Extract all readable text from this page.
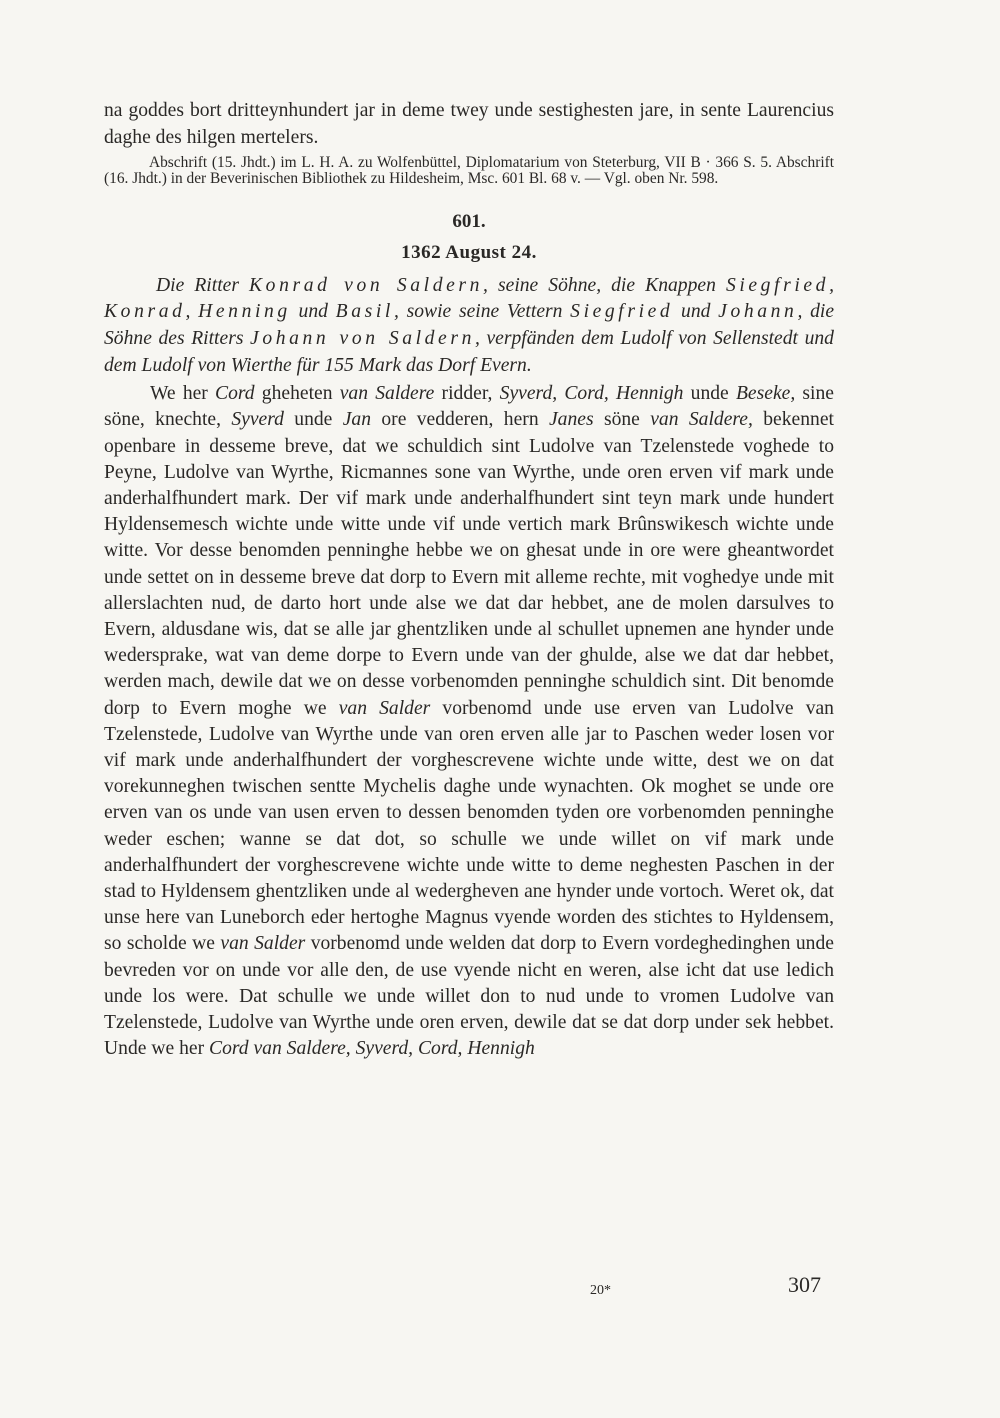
na goddes bort dritteynhundert jar in deme twey unde sestighesten jare, in sente Laurencius daghe des hilgen mertelers.

Abschrift (15. Jhdt.) im L. H. A. zu Wolfenbüttel, Diplomatarium von Steterburg, VII B · 366 S. 5. Abschrift (16. Jhdt.) in der Beverinischen Bibliothek zu Hildesheim, Msc. 601 Bl. 68 v. — Vgl. oben Nr. 598.

601.
1362 August 24.

Die Ritter Konrad von Saldern, seine Söhne, die Knappen Siegfried, Konrad, Henning und Basil, sowie seine Vettern Siegfried und Johann, die Söhne des Ritters Johann von Saldern, verpfänden dem Ludolf von Sellenstedt und dem Ludolf von Wierthe für 155 Mark das Dorf Evern.

We her Cord gheheten van Saldere ridder, Syverd, Cord, Hennigh unde Beseke, sine söne, knechte, Syverd unde Jan ore vedderen, hern Janes söne van Saldere, bekennet openbare in desseme breve, dat we schuldich sint Ludolve van Tzelenstede voghede to Peyne, Ludolve van Wyrthe, Ricmannes sone van Wyrthe, unde oren erven vif mark unde anderhalfhundert mark. Der vif mark unde anderhalfhundert sint teyn mark unde hundert Hyldensemesch wichte unde witte unde vif unde vertich mark Brûnswikesch wichte unde witte. Vor desse benomden penninghe hebbe we on ghesat unde in ore were gheantwordet unde settet on in desseme breve dat dorp to Evern mit alleme rechte, mit voghedye unde mit allerslachten nud, de darto hort unde alse we dat dar hebbet, ane de molen darsulves to Evern, aldusdane wis, dat se alle jar ghentzliken unde al schullet upnemen ane hynder unde wedersprake, wat van deme dorpe to Evern unde van der ghulde, alse we dat dar hebbet, werden mach, dewile dat we on desse vorbenomden penninghe schuldich sint. Dit benomde dorp to Evern moghe we van Salder vorbenomd unde use erven van Ludolve van Tzelenstede, Ludolve van Wyrthe unde van oren erven alle jar to Paschen weder losen vor vif mark unde anderhalfhundert der vorghescrevene wichte unde witte, dest we on dat vorekunneghen twischen sentte Mychelis daghe unde wynachten. Ok moghet se unde ore erven van os unde van usen erven to dessen benomden tyden ore vorbenomden penninghe weder eschen; wanne se dat dot, so schulle we unde willet on vif mark unde anderhalfhundert der vorghescrevene wichte unde witte to deme neghesten Paschen in der stad to Hyldensem ghentzliken unde al wedergheven ane hynder unde vortoch. Weret ok, dat unse here van Luneborch eder hertoghe Magnus vyende worden des stichtes to Hyldensem, so scholde we van Salder vorbenomd unde welden dat dorp to Evern vordeghedinghen unde bevreden vor on unde vor alle den, de use vyende nicht en weren, alse icht dat use ledich unde los were. Dat schulle we unde willet don to nud unde to vromen Ludolve van Tzelenstede, Ludolve van Wyrthe unde oren erven, dewile dat se dat dorp under sek hebbet. Unde we her Cord van Saldere, Syverd, Cord, Hennigh

20*	307
